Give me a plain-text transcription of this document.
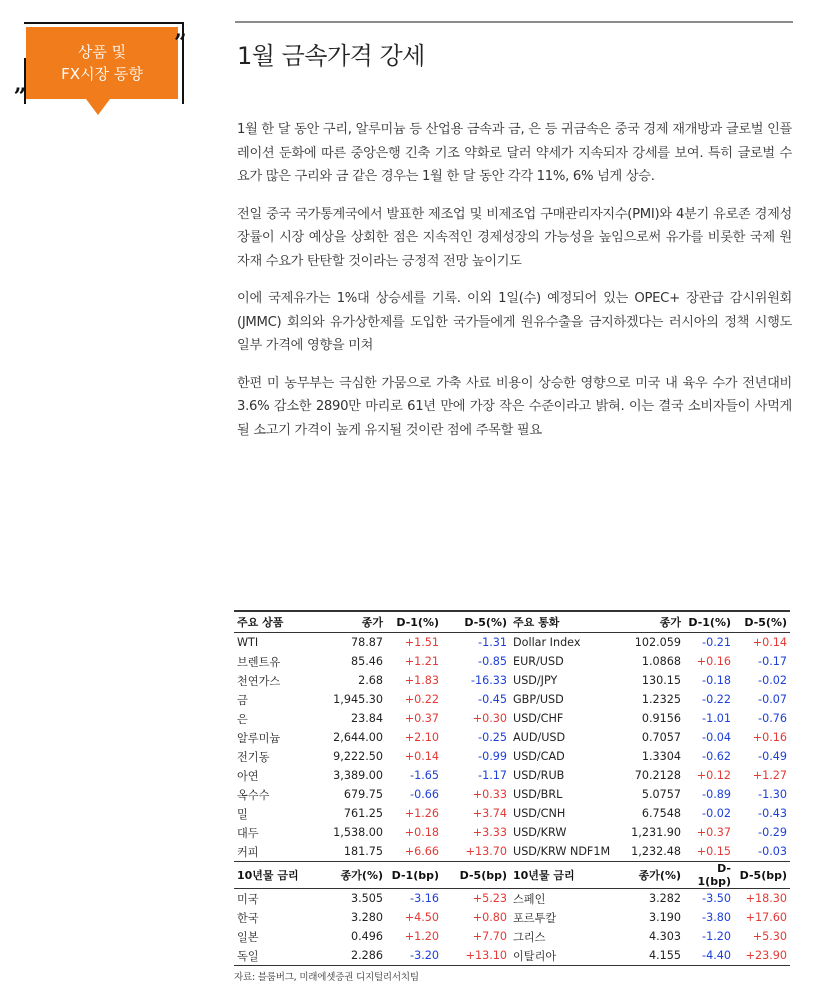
상품 및
FX시장 동향
„
” 1월 금속가격 강세

1월 한 달 동안 구리, 알루미늄 등 산업용 금속과 금, 은 등 귀금속은 중국 경제 재개방과 글로벌 인플레이션 둔화에 따른 중앙은행 긴축 기조 약화로 달러 약세가 지속되자 강세를 보여. 특히 글로벌 수요가 많은 구리와 금 같은 경우는 1월 한 달 동안 각각 11%, 6% 넘게 상승.

전일 중국 국가통계국에서 발표한 제조업 및 비제조업 구매관리자지수(PMI)와 4분기 유로존 경제성장률이 시장 예상을 상회한 점은 지속적인 경제성장의 가능성을 높임으로써 유가를 비롯한 국제 원자재 수요가 탄탄할 것이라는 긍정적 전망 높이기도

이에 국제유가는 1%대 상승세를 기록. 이외 1일(수) 예정되어 있는 OPEC+ 장관급 감시위원회(JMMC) 회의와 유가상한제를 도입한 국가들에게 원유수출을 금지하겠다는 러시아의 정책 시행도 일부 가격에 영향을 미쳐

한편 미 농무부는 극심한 가뭄으로 가축 사료 비용이 상승한 영향으로 미국 내 육우 수가 전년대비 3.6% 감소한 2890만 마리로 61년 만에 가장 작은 수준이라고 밝혀. 이는 결국 소비자들이 사먹게 될 소고기 가격이 높게 유지될 것이란 점에 주목할 필요

주요 상품	종가	D-1(%)	D-5(%)	주요 통화	종가	D-1(%)	D-5(%)
WTI	78.87	+1.51	-1.31	Dollar Index	102.059	-0.21	+0.14
브렌트유	85.46	+1.21	-0.85	EUR/USD	1.0868	+0.16	-0.17
천연가스	2.68	+1.83	-16.33	USD/JPY	130.15	-0.18	-0.02
금	1,945.30	+0.22	-0.45	GBP/USD	1.2325	-0.22	-0.07
은	23.84	+0.37	+0.30	USD/CHF	0.9156	-1.01	-0.76
알루미늄	2,644.00	+2.10	-0.25	AUD/USD	0.7057	-0.04	+0.16
전기동	9,222.50	+0.14	-0.99	USD/CAD	1.3304	-0.62	-0.49
아연	3,389.00	-1.65	-1.17	USD/RUB	70.2128	+0.12	+1.27
옥수수	679.75	-0.66	+0.33	USD/BRL	5.0757	-0.89	-1.30
밀	761.25	+1.26	+3.74	USD/CNH	6.7548	-0.02	-0.43
대두	1,538.00	+0.18	+3.33	USD/KRW	1,231.90	+0.37	-0.29
커피	181.75	+6.66	+13.70	USD/KRW NDF1M	1,232.48	+0.15	-0.03
10년물 금리	종가(%)	D-1(bp)	D-5(bp)	10년물 금리	종가(%)	D-1(bp)	D-5(bp)
미국	3.505	-3.16	+5.23	스페인	3.282	-3.50	+18.30
한국	3.280	+4.50	+0.80	포르투칼	3.190	-3.80	+17.60
일본	0.496	+1.20	+7.70	그리스	4.303	-1.20	+5.30
독일	2.286	-3.20	+13.10	이탈리아	4.155	-4.40	+23.90
자료: 블룸버그, 미래에셋증권 디지털리서치팀
